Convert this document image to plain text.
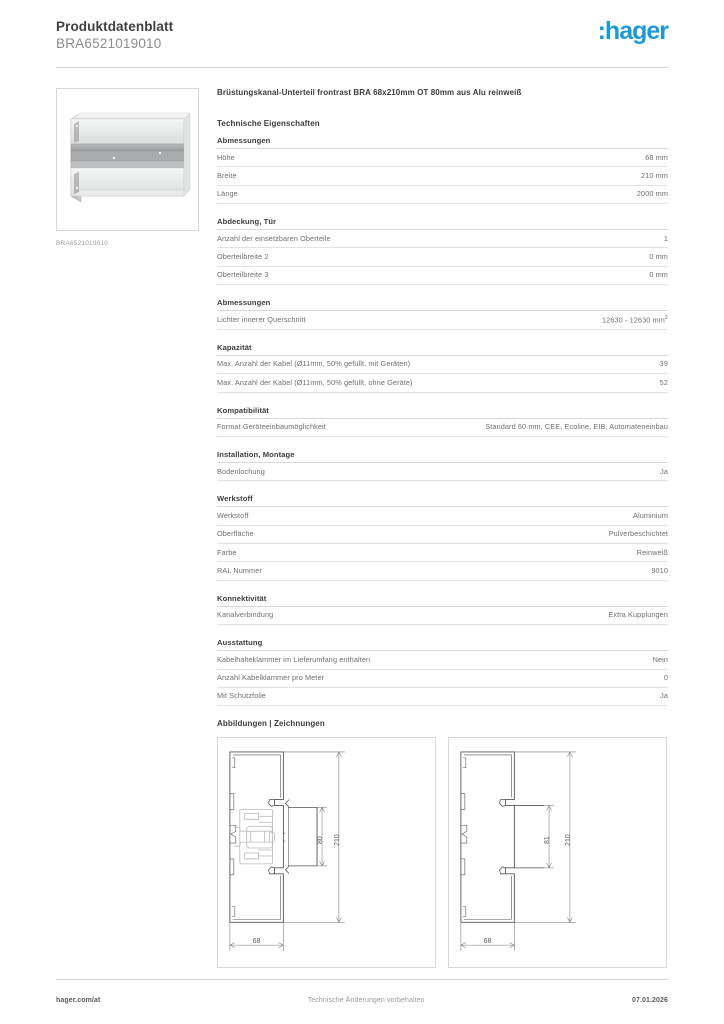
Produktdatenblatt
BRA6521019010	:hager
BRA6521019010
Brüstungskanal-Unterteil frontrast BRA 68x210mm OT 80mm aus Alu reinweiß
Technische Eigenschaften
Abmessungen
Höhe	68 mm
Breite	210 mm
Länge	2000 mm
Abdeckung, Tür
Anzahl der einsetzbaren Oberteile	1
Oberteilbreite 2	0 mm
Oberteilbreite 3	0 mm
Abmessungen
Lichter innerer Querschnitt	12630 - 12630 $mm^2$
Kapazität
Max. Anzahl der Kabel (Ø11mm, 50% gefüllt, mit Geräten)	39
Max. Anzahl der Kabel (Ø11mm, 50% gefüllt, ohne Geräte)	52
Kompatibilität
Format Geräteeinbaumöglichkeit	Standard 60 mm, CEE, Ecoline, EIB, Automateneinbau
Installation, Montage
Bodenlochung	Ja
Werkstoff
Werkstoff	Aluminium
Oberfläche	Pulverbeschichtet
Farbe	Reinweiß
RAL Nummer	9010
Konnektivität
Kanalverbindung	Extra Kupplungen
Ausstattung
Kabelhalteklammer im Lieferumfang enthalten	Nein
Anzahl Kabelklammer pro Meter	0
Mit Schutzfolie	Ja
Abbildungen | Zeichnungen
80 210
68
81 210
68
hager.com/at	Technische Änderungen vorbehalten	07.01.2026
